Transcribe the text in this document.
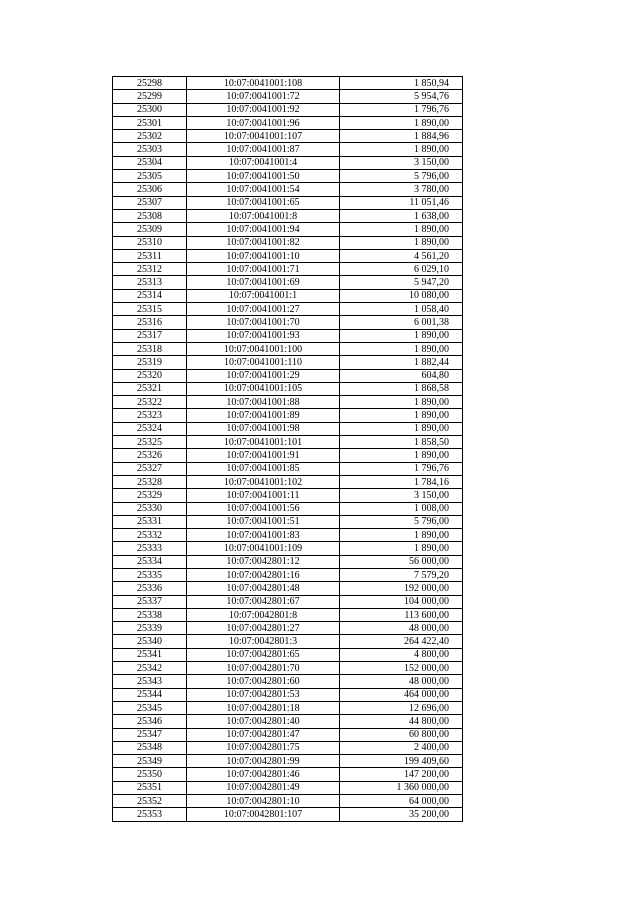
25298	10:07:0041001:108	1 850,94
25299	10:07:0041001:72	5 954,76
25300	10:07:0041001:92	1 796,76
25301	10:07:0041001:96	1 890,00
25302	10:07:0041001:107	1 884,96
25303	10:07:0041001:87	1 890,00
25304	10:07:0041001:4	3 150,00
25305	10:07:0041001:50	5 796,00
25306	10:07:0041001:54	3 780,00
25307	10:07:0041001:65	11 051,46
25308	10:07:0041001:8	1 638,00
25309	10:07:0041001:94	1 890,00
25310	10:07:0041001:82	1 890,00
25311	10:07:0041001:10	4 561,20
25312	10:07:0041001:71	6 029,10
25313	10:07:0041001:69	5 947,20
25314	10:07:0041001:1	10 080,00
25315	10:07:0041001:27	1 058,40
25316	10:07:0041001:70	6 001,38
25317	10:07:0041001:93	1 890,00
25318	10:07:0041001:100	1 890,00
25319	10:07:0041001:110	1 882,44
25320	10:07:0041001:29	604,80
25321	10:07:0041001:105	1 868,58
25322	10:07:0041001:88	1 890,00
25323	10:07:0041001:89	1 890,00
25324	10:07:0041001:98	1 890,00
25325	10:07:0041001:101	1 858,50
25326	10:07:0041001:91	1 890,00
25327	10:07:0041001:85	1 796,76
25328	10:07:0041001:102	1 784,16
25329	10:07:0041001:11	3 150,00
25330	10:07:0041001:56	1 008,00
25331	10:07:0041001:51	5 796,00
25332	10:07:0041001:83	1 890,00
25333	10:07:0041001:109	1 890,00
25334	10:07:0042801:12	56 000,00
25335	10:07:0042801:16	7 579,20
25336	10:07:0042801:48	192 000,00
25337	10:07:0042801:67	104 000,00
25338	10:07:0042801:8	113 600,00
25339	10:07:0042801:27	48 000,00
25340	10:07:0042801:3	264 422,40
25341	10:07:0042801:65	4 800,00
25342	10:07:0042801:70	152 000,00
25343	10:07:0042801:60	48 000,00
25344	10:07:0042801:53	464 000,00
25345	10:07:0042801:18	12 696,00
25346	10:07:0042801:40	44 800,00
25347	10:07:0042801:47	60 800,00
25348	10:07:0042801:75	2 400,00
25349	10:07:0042801:99	199 409,60
25350	10:07:0042801:46	147 200,00
25351	10:07:0042801:49	1 360 000,00
25352	10:07:0042801:10	64 000,00
25353	10:07:0042801:107	35 200,00
